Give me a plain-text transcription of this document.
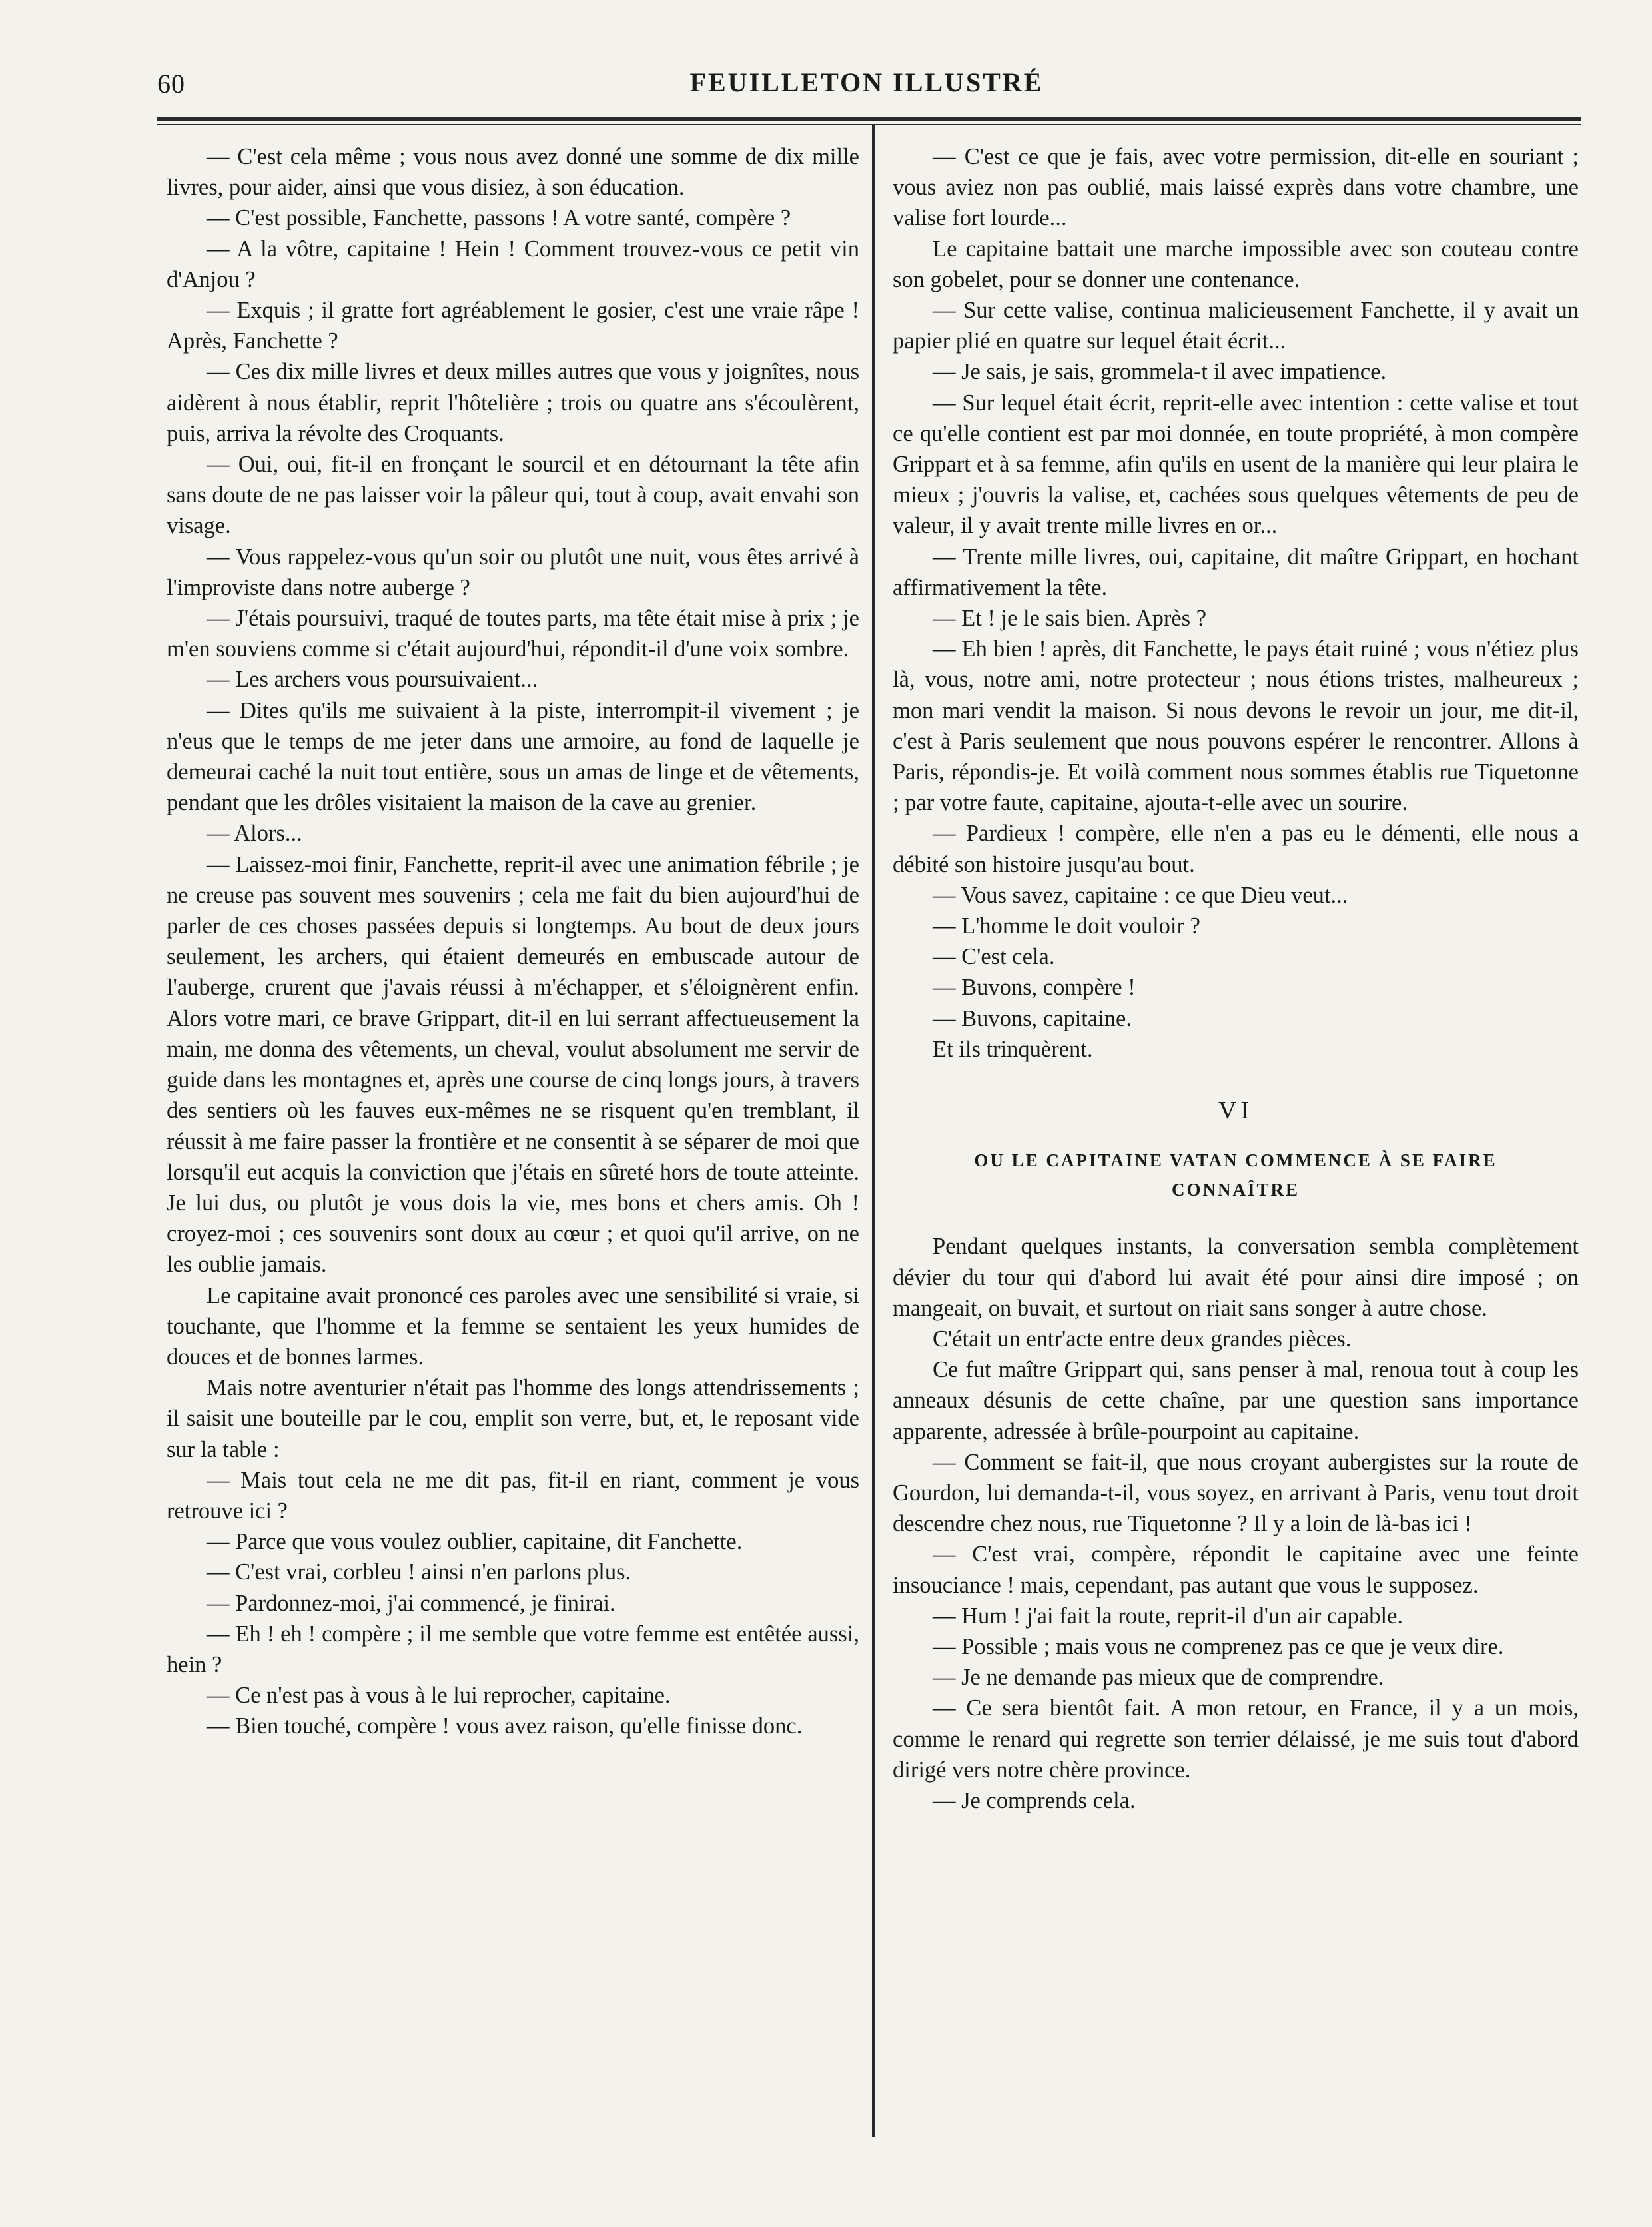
60	FEUILLETON ILLUSTRÉ

— C'est cela même ; vous nous avez donné une somme de dix mille livres, pour aider, ainsi que vous disiez, à son éducation.

— C'est possible, Fanchette, passons ! A votre santé, compère ?

— A la vôtre, capitaine ! Hein ! Comment trouvez-vous ce petit vin d'Anjou ?

— Exquis ; il gratte fort agréablement le gosier, c'est une vraie râpe ! Après, Fanchette ?

— Ces dix mille livres et deux milles autres que vous y joignîtes, nous aidèrent à nous établir, reprit l'hôtelière ; trois ou quatre ans s'écoulèrent, puis, arriva la révolte des Croquants.

— Oui, oui, fit-il en fronçant le sourcil et en détournant la tête afin sans doute de ne pas laisser voir la pâleur qui, tout à coup, avait envahi son visage.

— Vous rappelez-vous qu'un soir ou plutôt une nuit, vous êtes arrivé à l'improviste dans notre auberge ?

— J'étais poursuivi, traqué de toutes parts, ma tête était mise à prix ; je m'en souviens comme si c'était aujourd'hui, répondit-il d'une voix sombre.

— Les archers vous poursuivaient...

— Dites qu'ils me suivaient à la piste, interrompit-il vivement ; je n'eus que le temps de me jeter dans une armoire, au fond de laquelle je demeurai caché la nuit tout entière, sous un amas de linge et de vêtements, pendant que les drôles visitaient la maison de la cave au grenier.

— Alors...

— Laissez-moi finir, Fanchette, reprit-il avec une animation fébrile ; je ne creuse pas souvent mes souvenirs ; cela me fait du bien aujourd'hui de parler de ces choses passées depuis si longtemps. Au bout de deux jours seulement, les archers, qui étaient demeurés en embuscade autour de l'auberge, crurent que j'avais réussi à m'échapper, et s'éloignèrent enfin. Alors votre mari, ce brave Grippart, dit-il en lui serrant affectueusement la main, me donna des vêtements, un cheval, voulut absolument me servir de guide dans les montagnes et, après une course de cinq longs jours, à travers des sentiers où les fauves eux-mêmes ne se risquent qu'en tremblant, il réussit à me faire passer la frontière et ne consentit à se séparer de moi que lorsqu'il eut acquis la conviction que j'étais en sûreté hors de toute atteinte. Je lui dus, ou plutôt je vous dois la vie, mes bons et chers amis. Oh ! croyez-moi ; ces souvenirs sont doux au cœur ; et quoi qu'il arrive, on ne les oublie jamais.

Le capitaine avait prononcé ces paroles avec une sensibilité si vraie, si touchante, que l'homme et la femme se sentaient les yeux humides de douces et de bonnes larmes.

Mais notre aventurier n'était pas l'homme des longs attendrissements ; il saisit une bouteille par le cou, emplit son verre, but, et, le reposant vide sur la table :

— Mais tout cela ne me dit pas, fit-il en riant, comment je vous retrouve ici ?

— Parce que vous voulez oublier, capitaine, dit Fanchette.

— C'est vrai, corbleu ! ainsi n'en parlons plus.

— Pardonnez-moi, j'ai commencé, je finirai.

— Eh ! eh ! compère ; il me semble que votre femme est entêtée aussi, hein ?

— Ce n'est pas à vous à le lui reprocher, capitaine.

— Bien touché, compère ! vous avez raison, qu'elle finisse donc.

— C'est ce que je fais, avec votre permission, dit-elle en souriant ; vous aviez non pas oublié, mais laissé exprès dans votre chambre, une valise fort lourde...

Le capitaine battait une marche impossible avec son couteau contre son gobelet, pour se donner une contenance.

— Sur cette valise, continua malicieusement Fanchette, il y avait un papier plié en quatre sur lequel était écrit...

— Je sais, je sais, grommela-t il avec impatience.

— Sur lequel était écrit, reprit-elle avec intention : cette valise et tout ce qu'elle contient est par moi donnée, en toute propriété, à mon compère Grippart et à sa femme, afin qu'ils en usent de la manière qui leur plaira le mieux ; j'ouvris la valise, et, cachées sous quelques vêtements de peu de valeur, il y avait trente mille livres en or...

— Trente mille livres, oui, capitaine, dit maître Grippart, en hochant affirmativement la tête.

— Et ! je le sais bien. Après ?

— Eh bien ! après, dit Fanchette, le pays était ruiné ; vous n'étiez plus là, vous, notre ami, notre protecteur ; nous étions tristes, malheureux ; mon mari vendit la maison. Si nous devons le revoir un jour, me dit-il, c'est à Paris seulement que nous pouvons espérer le rencontrer. Allons à Paris, répondis-je. Et voilà comment nous sommes établis rue Tiquetonne ; par votre faute, capitaine, ajouta-t-elle avec un sourire.

— Pardieux ! compère, elle n'en a pas eu le démenti, elle nous a débité son histoire jusqu'au bout.

— Vous savez, capitaine : ce que Dieu veut...

— L'homme le doit vouloir ?

— C'est cela.

— Buvons, compère !

— Buvons, capitaine.

Et ils trinquèrent.

VI
OU LE CAPITAINE VATAN COMMENCE À SE FAIRE CONNAÎTRE

Pendant quelques instants, la conversation sembla complètement dévier du tour qui d'abord lui avait été pour ainsi dire imposé ; on mangeait, on buvait, et surtout on riait sans songer à autre chose.

C'était un entr'acte entre deux grandes pièces.

Ce fut maître Grippart qui, sans penser à mal, renoua tout à coup les anneaux désunis de cette chaîne, par une question sans importance apparente, adressée à brûle-pourpoint au capitaine.

— Comment se fait-il, que nous croyant aubergistes sur la route de Gourdon, lui demanda-t-il, vous soyez, en arrivant à Paris, venu tout droit descendre chez nous, rue Tiquetonne ? Il y a loin de là-bas ici !

— C'est vrai, compère, répondit le capitaine avec une feinte insouciance ! mais, cependant, pas autant que vous le supposez.

— Hum ! j'ai fait la route, reprit-il d'un air capable.

— Possible ; mais vous ne comprenez pas ce que je veux dire.

— Je ne demande pas mieux que de comprendre.

— Ce sera bientôt fait. A mon retour, en France, il y a un mois, comme le renard qui regrette son terrier délaissé, je me suis tout d'abord dirigé vers notre chère province.

— Je comprends cela.
